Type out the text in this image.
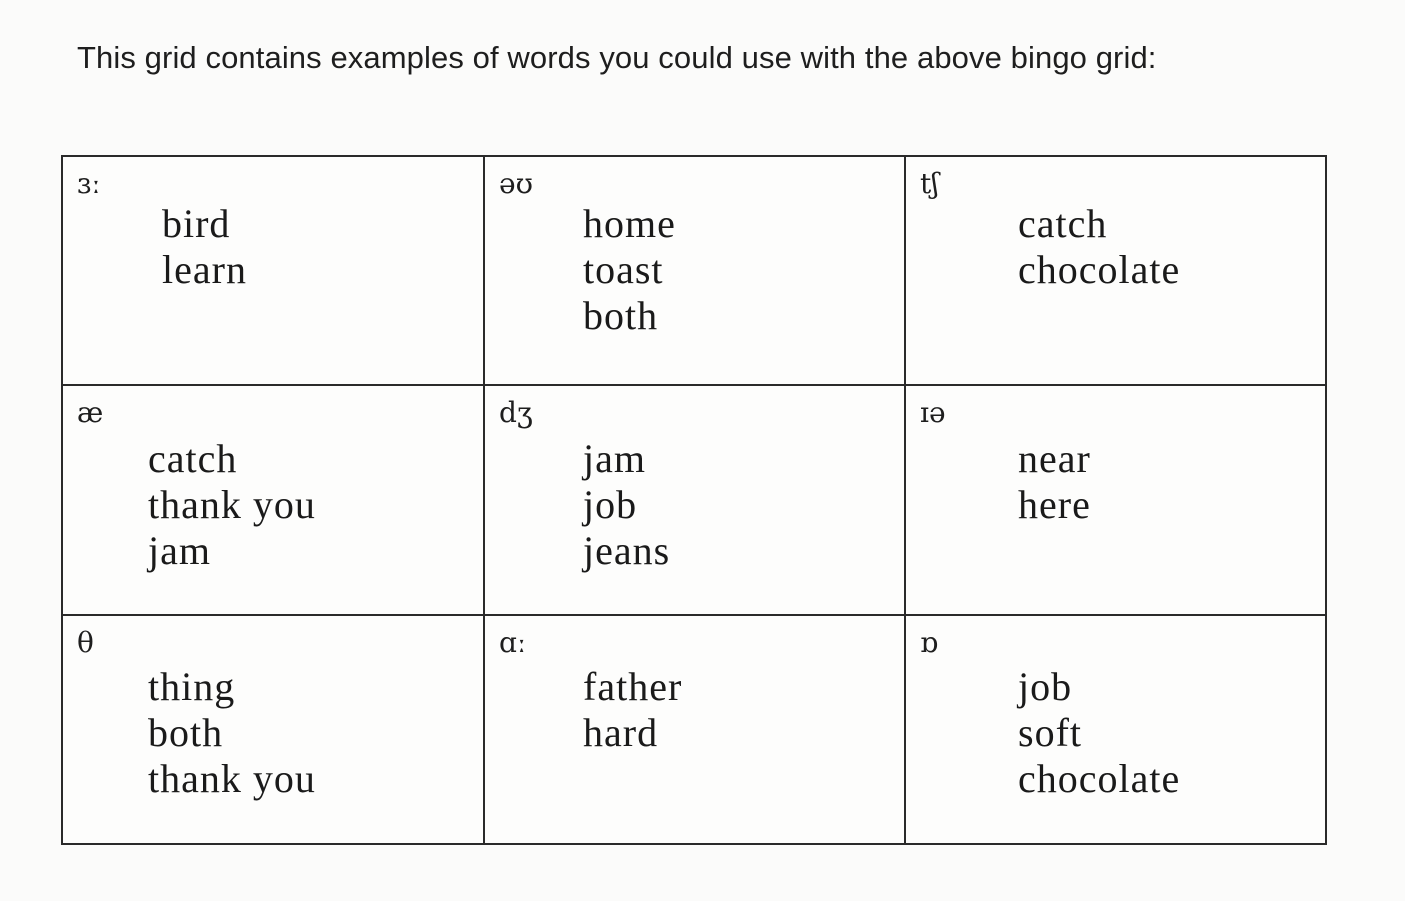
This grid contains examples of words you could use with the above bingo grid:

ɜː
bird
learn
əʊ
home
toast
both
tʃ
catch
chocolate
æ
catch
thank you
jam
dʒ
jam
job
jeans
ɪə
near
here
θ
thing
both
thank you
ɑː
father
hard
ɒ
job
soft
chocolate
